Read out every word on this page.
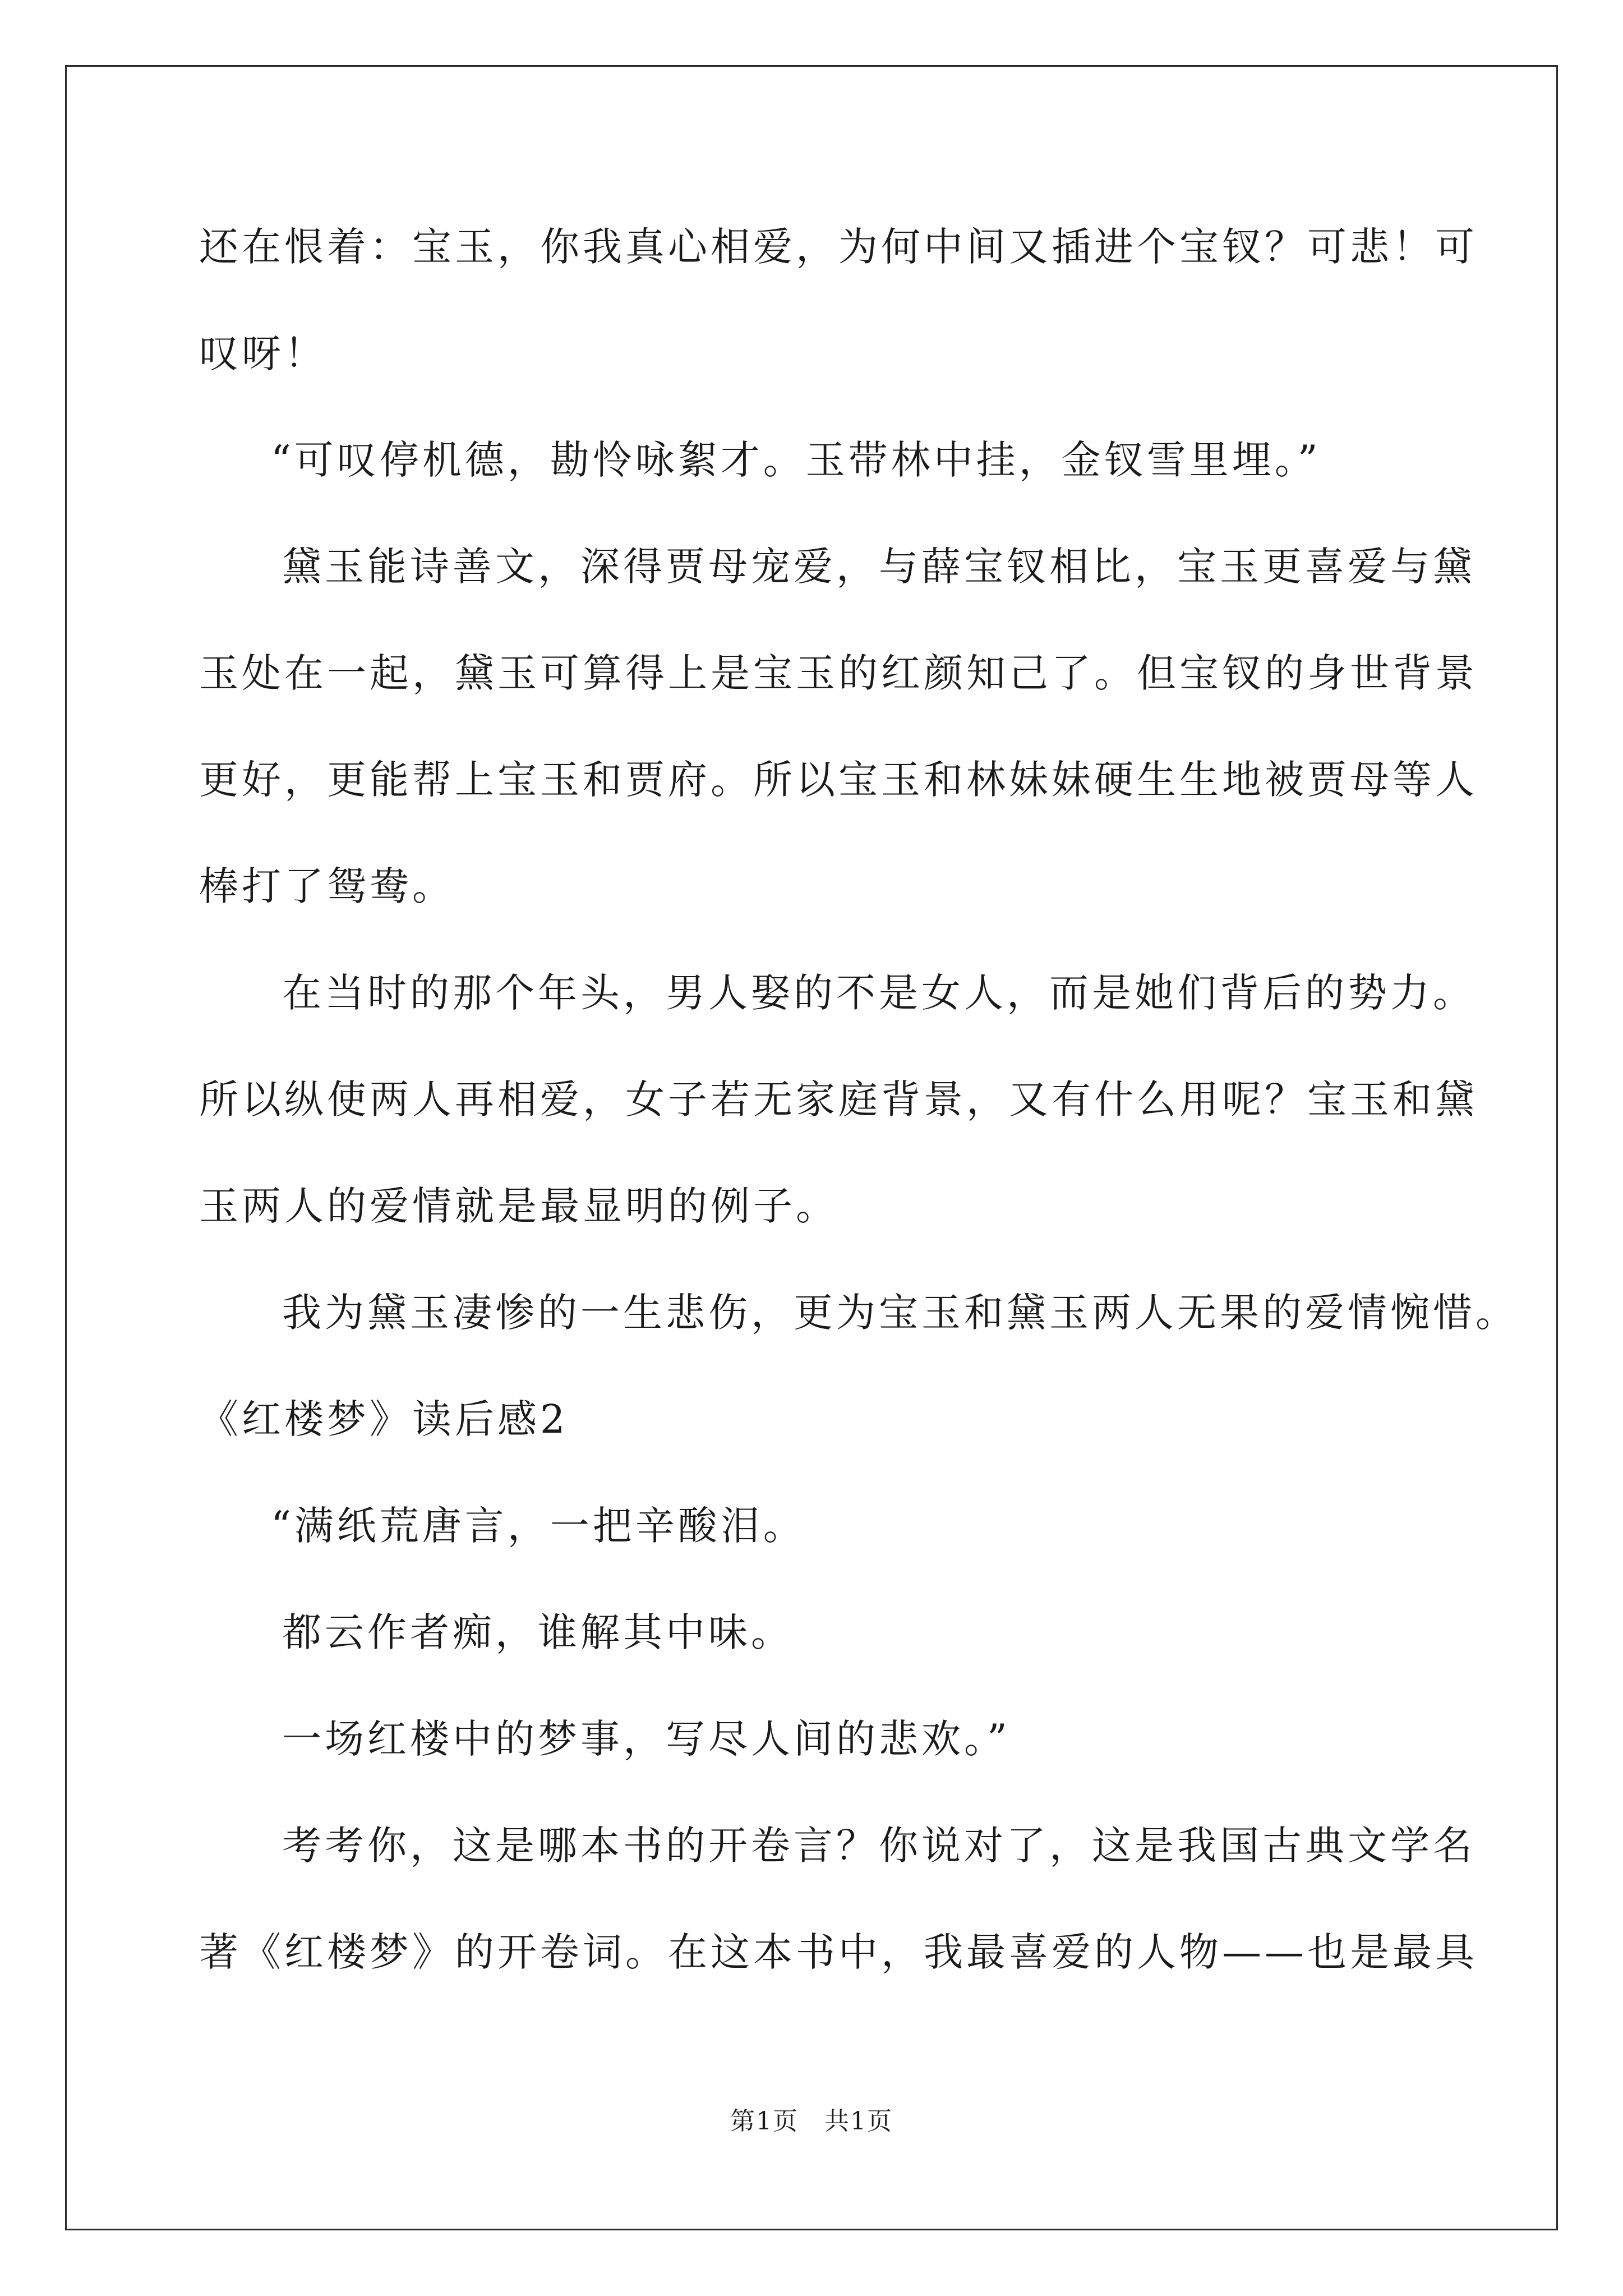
还在恨着：宝玉，你我真心相爱，为何中间又插进个宝钗？可悲！可
叹呀！
“可叹停机德，勘怜咏絮才。玉带林中挂，金钗雪里埋。”
黛玉能诗善文，深得贾母宠爱，与薛宝钗相比，宝玉更喜爱与黛
玉处在一起，黛玉可算得上是宝玉的红颜知己了。但宝钗的身世背景
更好，更能帮上宝玉和贾府。所以宝玉和林妹妹硬生生地被贾母等人
棒打了鸳鸯。
在当时的那个年头，男人娶的不是女人，而是她们背后的势力。
所以纵使两人再相爱，女子若无家庭背景，又有什么用呢？宝玉和黛
玉两人的爱情就是最显明的例子。
我为黛玉凄惨的一生悲伤，更为宝玉和黛玉两人无果的爱情惋惜。
《红楼梦》读后感2
“满纸荒唐言，一把辛酸泪。
都云作者痴，谁解其中味。
一场红楼中的梦事，写尽人间的悲欢。”
考考你，这是哪本书的开卷言？你说对了，这是我国古典文学名
著《红楼梦》的开卷词。在这本书中，我最喜爱的人物——也是最具
第1页　共1页
